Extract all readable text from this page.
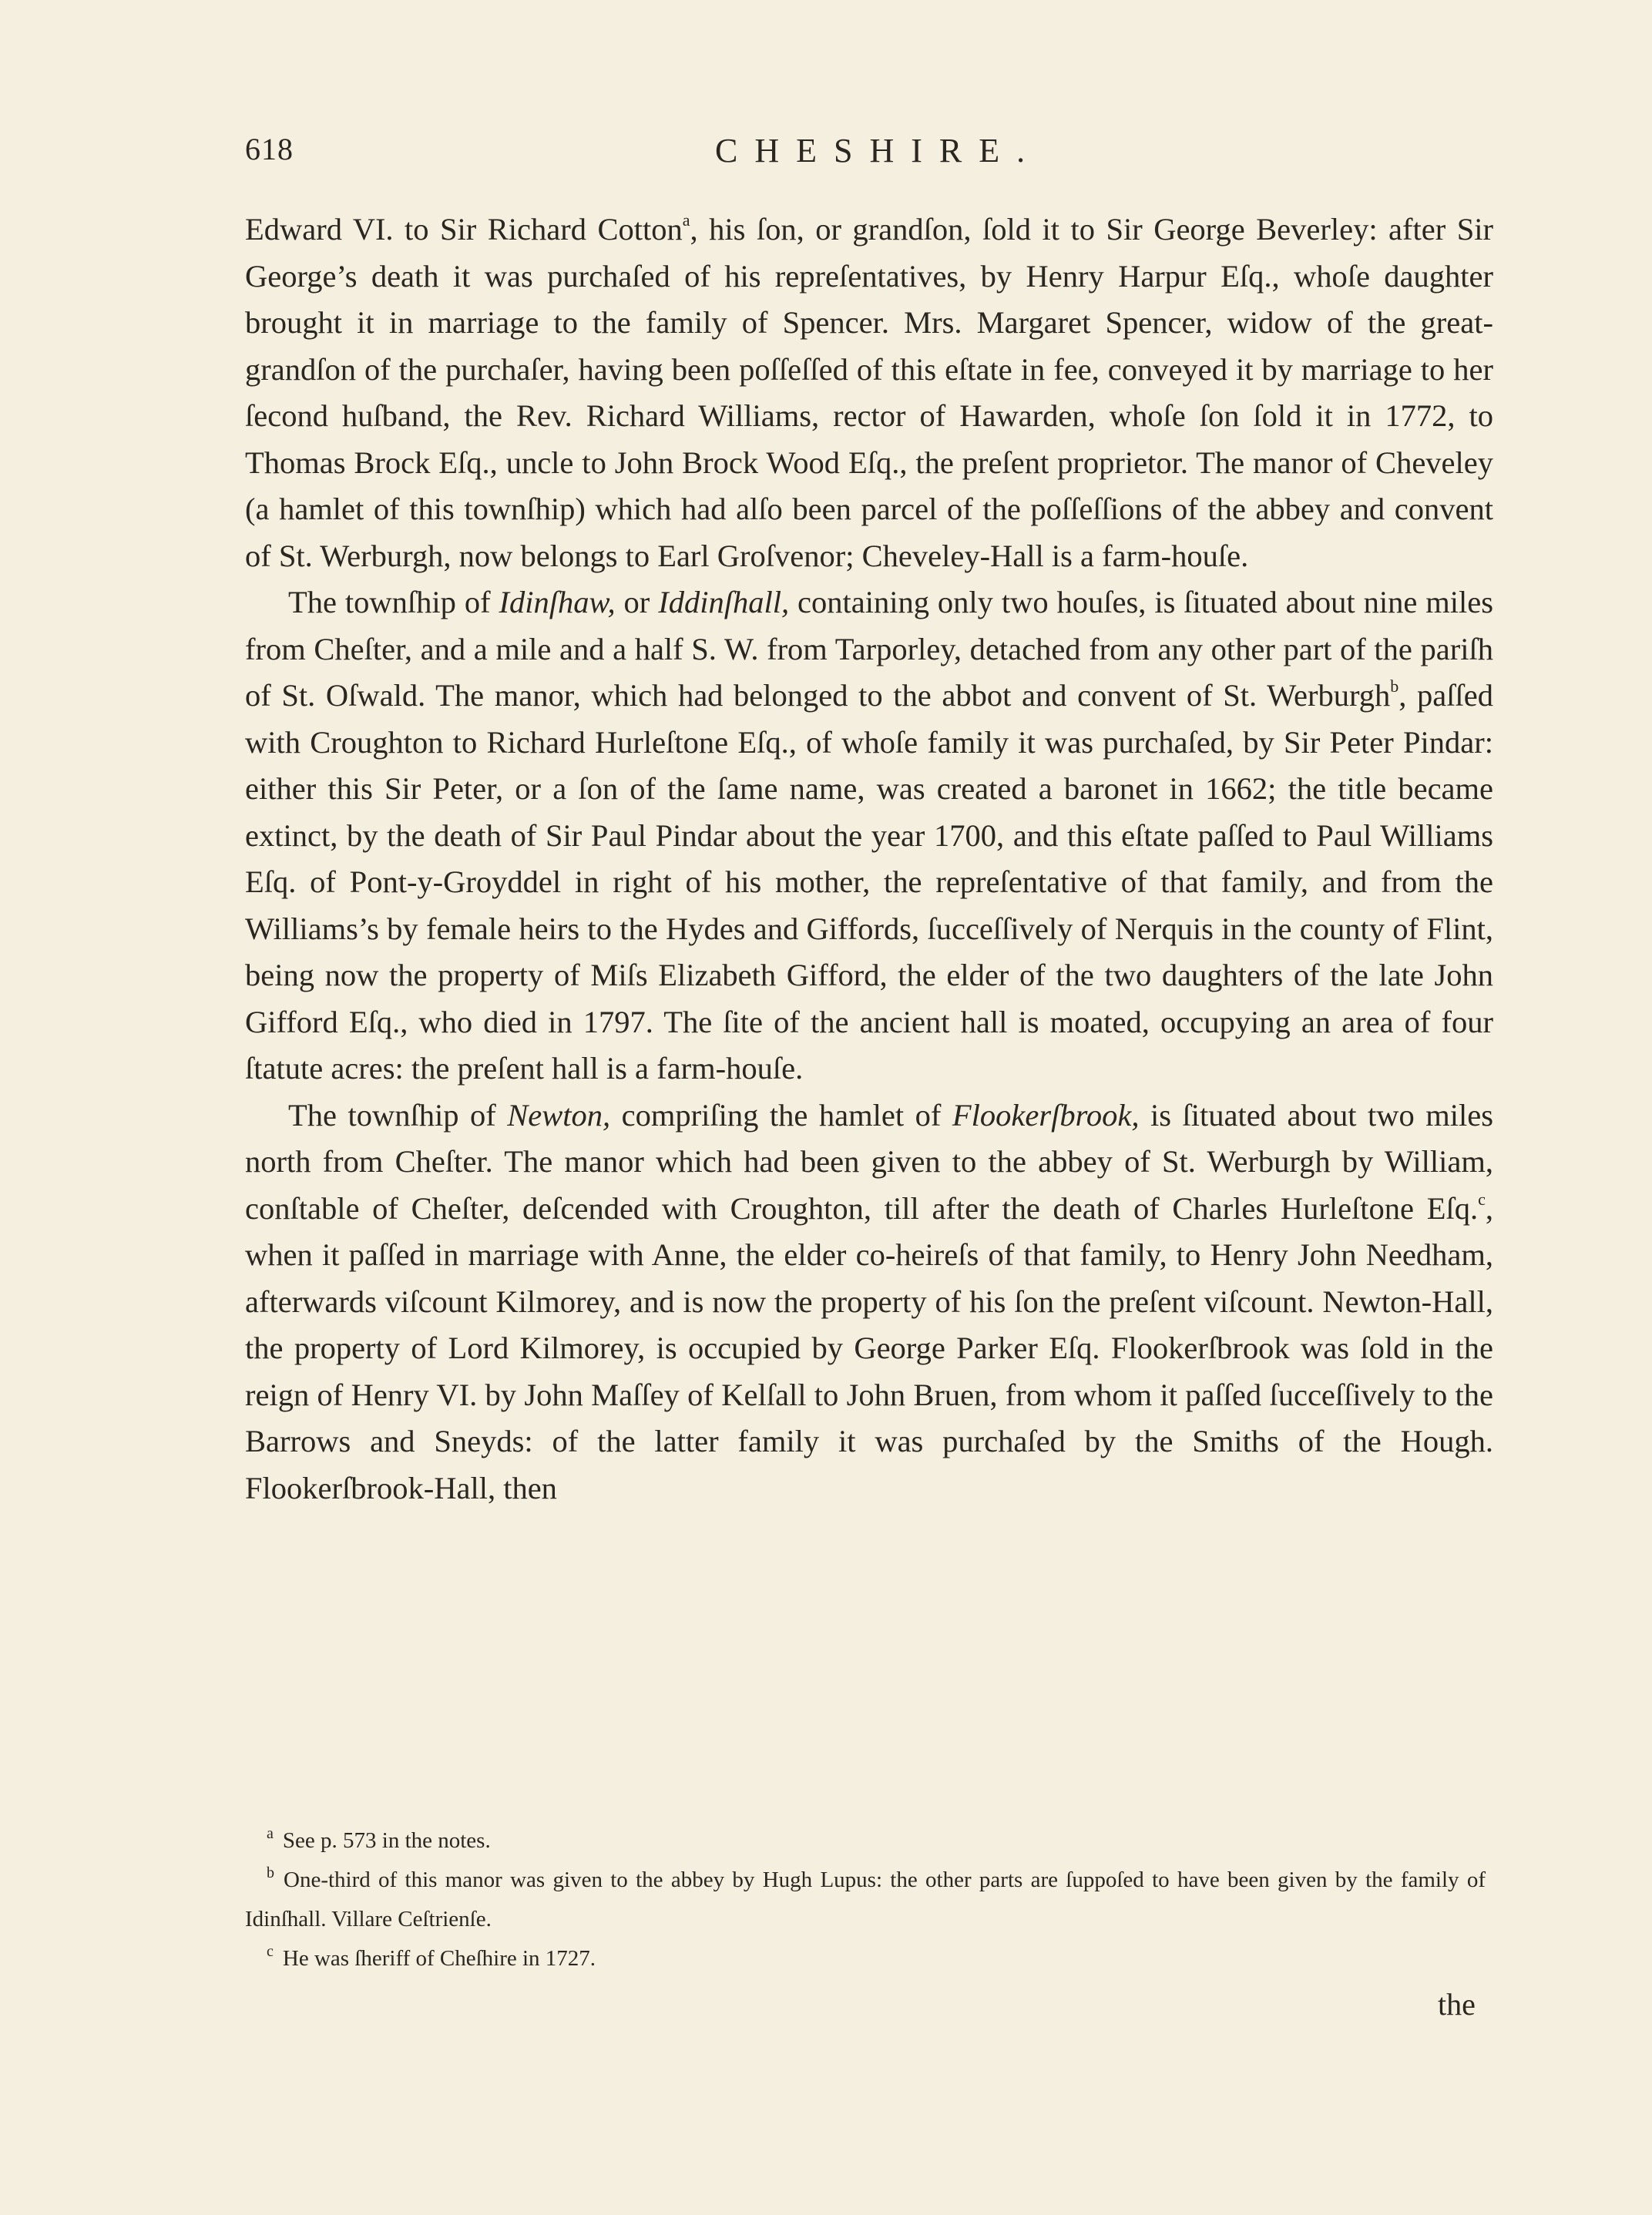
618	CHESHIRE.

Edward VI. to Sir Richard Cotton$^a$, his ſon, or grandſon, ſold it to Sir George Beverley: after Sir George’s death it was purchaſed of his repreſentatives, by Henry Harpur Eſq., whoſe daughter brought it in marriage to the family of Spencer. Mrs. Margaret Spencer, widow of the great-grandſon of the purchaſer, having been poſſeſſed of this eſtate in fee, conveyed it by marriage to her ſecond huſband, the Rev. Richard Williams, rector of Hawarden, whoſe ſon ſold it in 1772, to Thomas Brock Eſq., uncle to John Brock Wood Eſq., the preſent proprietor. The manor of Cheveley (a hamlet of this townſhip) which had alſo been parcel of the poſſeſſions of the abbey and convent of St. Werburgh, now belongs to Earl Groſvenor; Cheveley-Hall is a farm-houſe.

The townſhip of Idinſhaw, or Iddinſhall, containing only two houſes, is ſituated about nine miles from Cheſter, and a mile and a half S. W. from Tarporley, detached from any other part of the pariſh of St. Oſwald. The manor, which had belonged to the abbot and convent of St. Werburgh$^b$, paſſed with Croughton to Richard Hurleſtone Eſq., of whoſe family it was purchaſed, by Sir Peter Pindar: either this Sir Peter, or a ſon of the ſame name, was created a baronet in 1662; the title became extinct, by the death of Sir Paul Pindar about the year 1700, and this eſtate paſſed to Paul Williams Eſq. of Pont-y-Groyddel in right of his mother, the repreſentative of that family, and from the Williams’s by female heirs to the Hydes and Giffords, ſucceſſively of Nerquis in the county of Flint, being now the property of Miſs Elizabeth Gifford, the elder of the two daughters of the late John Gifford Eſq., who died in 1797. The ſite of the ancient hall is moated, occupying an area of four ſtatute acres: the preſent hall is a farm-houſe.

The townſhip of Newton, compriſing the hamlet of Flookerſbrook, is ſituated about two miles north from Cheſter. The manor which had been given to the abbey of St. Werburgh by William, conſtable of Cheſter, deſcended with Croughton, till after the death of Charles Hurleſtone Eſq.$^c$, when it paſſed in marriage with Anne, the elder co-heireſs of that family, to Henry John Needham, afterwards viſcount Kilmorey, and is now the property of his ſon the preſent viſcount. Newton-Hall, the property of Lord Kilmorey, is occupied by George Parker Eſq. Flookerſbrook was ſold in the reign of Henry VI. by John Maſſey of Kelſall to John Bruen, from whom it paſſed ſucceſſively to the Barrows and Sneyds: of the latter family it was purchaſed by the Smiths of the Hough. Flookerſbrook-Hall, then

$^a$ See p. 573 in the notes.

$^b$ One-third of this manor was given to the abbey by Hugh Lupus: the other parts are ſuppoſed to have been given by the family of Idinſhall. Villare Ceſtrienſe.

$^c$ He was ſheriff of Cheſhire in 1727.

the
